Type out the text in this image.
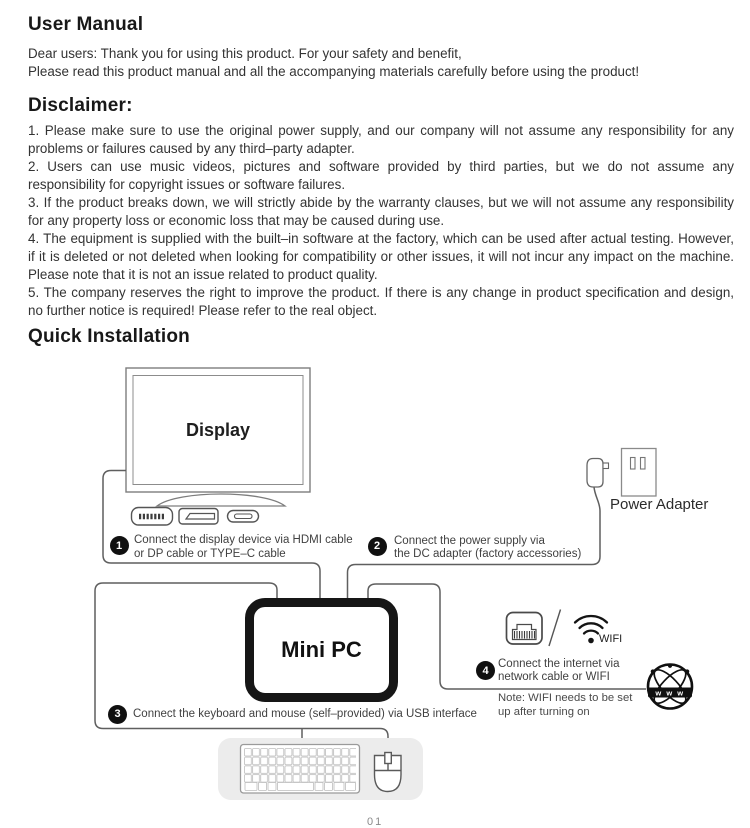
w w w
User Manual
Dear users: Thank you for using this product. For your safety and benefit,
Please read this product manual and all the accompanying materials carefully before using the product!
Disclaimer:
1. Please make sure to use the original power supply, and our company will not assume any responsibility for any problems or failures caused by any third–party adapter.
2. Users can use music videos, pictures and software provided by third parties, but we do not assume any responsibility for copyright issues or software failures.
3. If the product breaks down, we will strictly abide by the warranty clauses, but we will not assume any responsibility for any property loss or economic loss that may be caused during use.
4. The equipment is supplied with the built–in software at the factory, which can be used after actual testing. However, if it is deleted or not deleted when looking for compatibility or other issues, it will not incur any impact on the machine. Please note that it is not an issue related to product quality.
5. The company reserves the right to improve the product. If there is any change in product specification and design, no further notice is required! Please refer to the real object.
Quick Installation
Display
Mini PC
Power Adapter
WIFI
1	Connect the display device via HDMI cable
or DP cable or TYPE–C cable
2	Connect the power supply via
the DC adapter (factory accessories)
3	Connect the keyboard and mouse (self–provided) via USB interface
4
Connect the internet via
network cable or WIFI
Note: WIFI needs to be set
up after turning on
01
